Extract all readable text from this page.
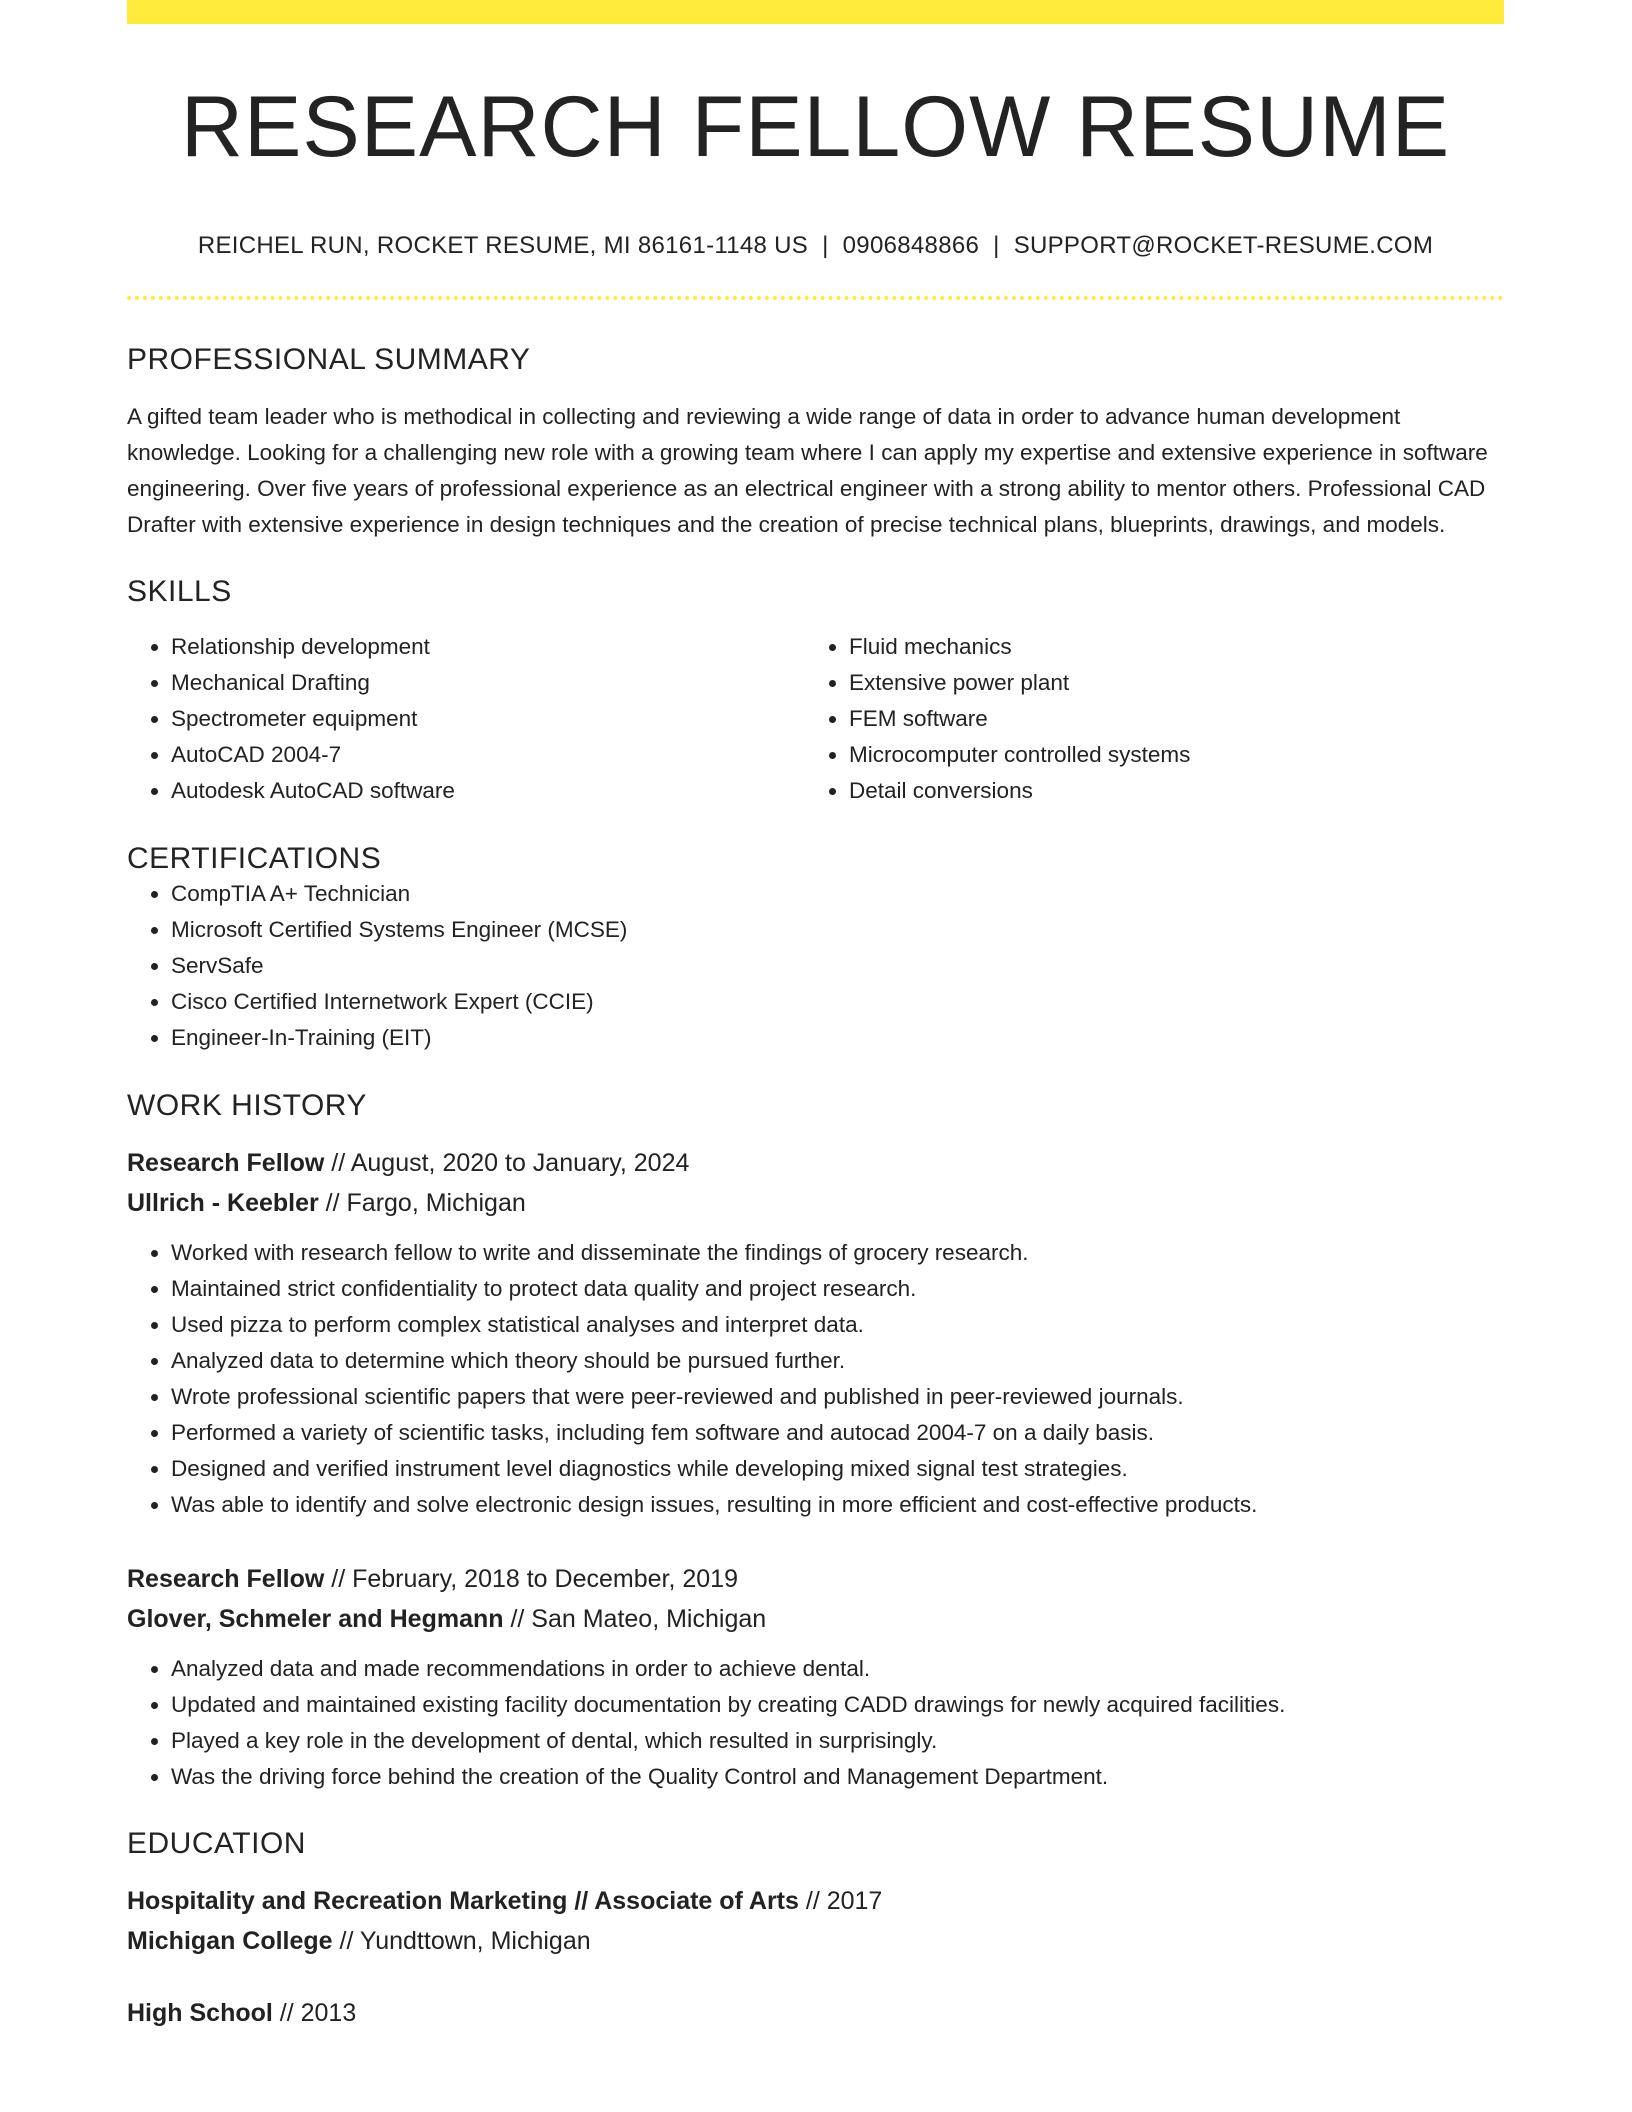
RESEARCH FELLOW RESUME
REICHEL RUN, ROCKET RESUME, MI 86161-1148 US | 0906848866 | SUPPORT@ROCKET-RESUME.COM
PROFESSIONAL SUMMARY

A gifted team leader who is methodical in collecting and reviewing a wide range of data in order to advance human development knowledge. Looking for a challenging new role with a growing team where I can apply my expertise and extensive experience in software engineering. Over five years of professional experience as an electrical engineer with a strong ability to mentor others. Professional CAD Drafter with extensive experience in design techniques and the creation of precise technical plans, blueprints, drawings, and models.

SKILLS
• Relationship development
• Mechanical Drafting
• Spectrometer equipment
• AutoCAD 2004-7
• Autodesk AutoCAD software
• Fluid mechanics
• Extensive power plant
• FEM software
• Microcomputer controlled systems
• Detail conversions
CERTIFICATIONS
• CompTIA A+ Technician
• Microsoft Certified Systems Engineer (MCSE)
• ServSafe
• Cisco Certified Internetwork Expert (CCIE)
• Engineer-In-Training (EIT)
WORK HISTORY
Research Fellow // August, 2020 to January, 2024
Ullrich - Keebler // Fargo, Michigan
• Worked with research fellow to write and disseminate the findings of grocery research.
• Maintained strict confidentiality to protect data quality and project research.
• Used pizza to perform complex statistical analyses and interpret data.
• Analyzed data to determine which theory should be pursued further.
• Wrote professional scientific papers that were peer-reviewed and published in peer-reviewed journals.
• Performed a variety of scientific tasks, including fem software and autocad 2004-7 on a daily basis.
• Designed and verified instrument level diagnostics while developing mixed signal test strategies.
• Was able to identify and solve electronic design issues, resulting in more efficient and cost-effective products.
Research Fellow // February, 2018 to December, 2019
Glover, Schmeler and Hegmann // San Mateo, Michigan
• Analyzed data and made recommendations in order to achieve dental.
• Updated and maintained existing facility documentation by creating CADD drawings for newly acquired facilities.
• Played a key role in the development of dental, which resulted in surprisingly.
• Was the driving force behind the creation of the Quality Control and Management Department.
EDUCATION
Hospitality and Recreation Marketing // Associate of Arts // 2017
Michigan College // Yundttown, Michigan
High School // 2013
